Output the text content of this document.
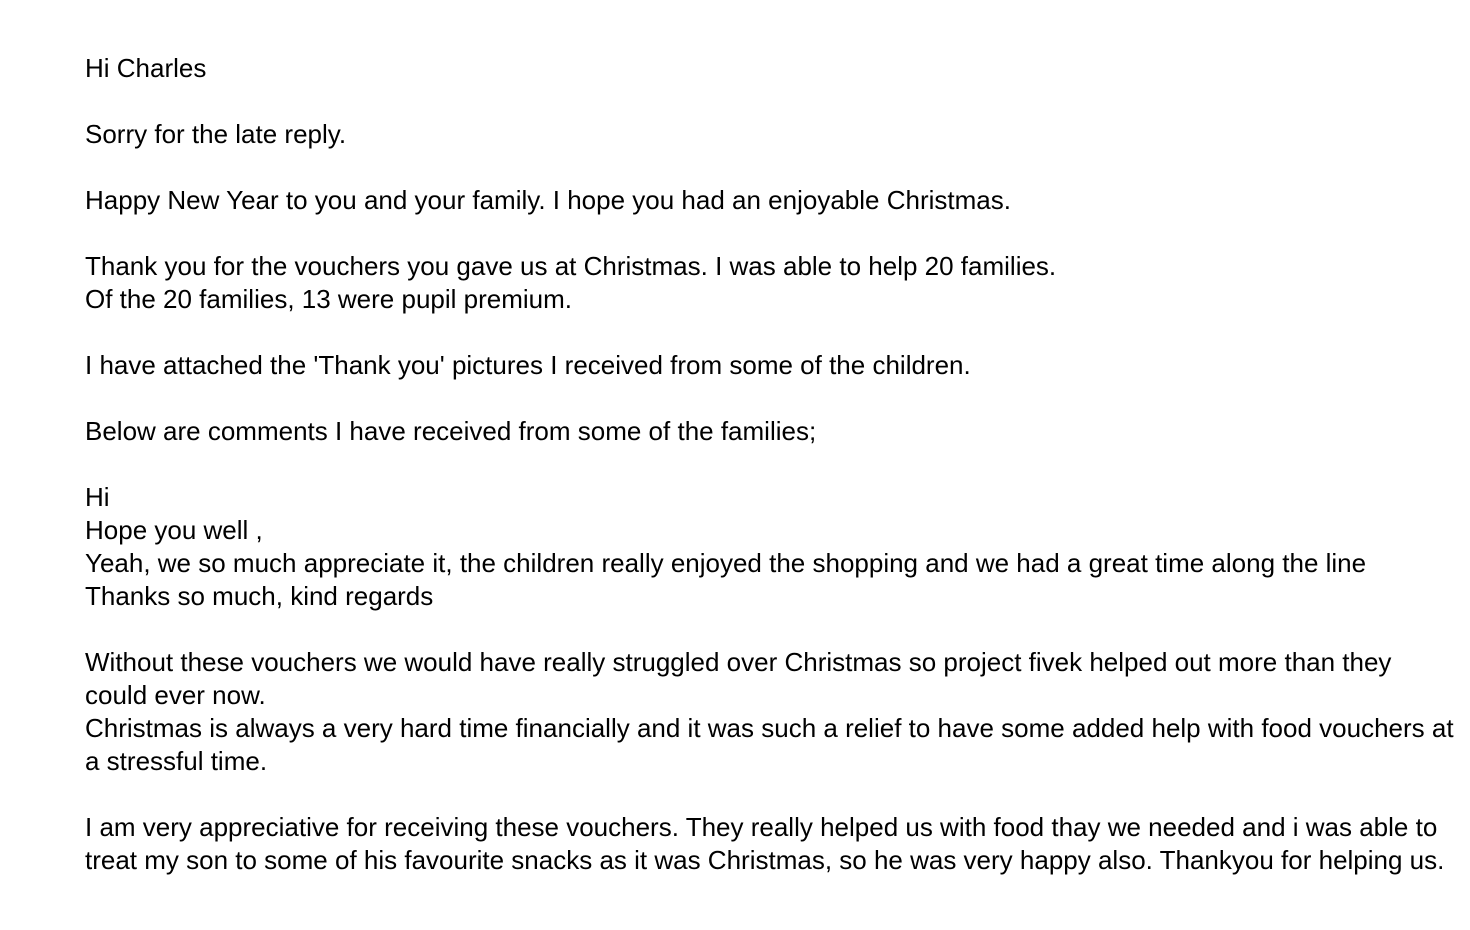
Hi Charles
Sorry for the late reply.
Happy New Year to you and your family. I hope you had an enjoyable Christmas.
Thank you for the vouchers you gave us at Christmas. I was able to help 20 families.
Of the 20 families, 13 were pupil premium.
I have attached the 'Thank you' pictures I received from some of the children.
Below are comments I have received from some of the families;
Hi
Hope you well ,
Yeah, we so much appreciate it, the children really enjoyed the shopping and we had a great time along the line
Thanks so much, kind regards
Without these vouchers we would have really struggled over Christmas so project fivek helped out more than they could ever now.
Christmas is always a very hard time financially and it was such a relief to have some added help with food vouchers at a stressful time.
I am very appreciative for receiving these vouchers. They really helped us with food thay we needed and i was able to treat my son to some of his favourite snacks as it was Christmas, so he was very happy also. Thankyou for helping us.
